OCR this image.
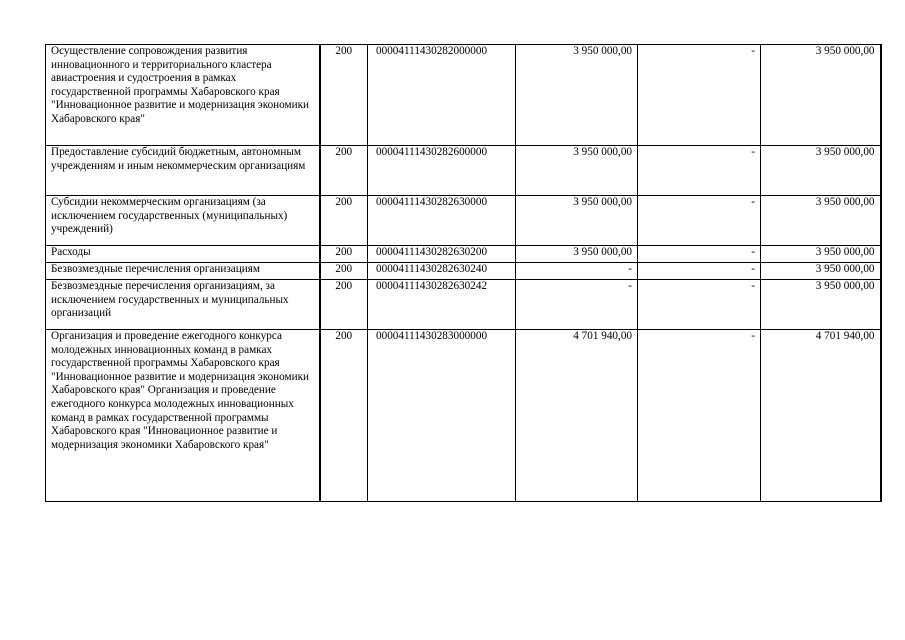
Осуществление сопровождения развития инновационного и территориального кластера авиастроения и судостроения в рамках государственной программы Хабаровского края "Инновационное развитие и модернизация экономики Хабаровского края"	200	00004111430282000000	3 950 000,00	-	3 950 000,00
Предоставление субсидий бюджетным, автономным учреждениям и иным некоммерческим организациям	200	00004111430282600000	3 950 000,00	-	3 950 000,00
Субсидии некоммерческим организациям (за исключением государственных (муниципальных) учреждений)	200	00004111430282630000	3 950 000,00	-	3 950 000,00
Расходы	200	00004111430282630200	3 950 000,00	-	3 950 000,00
Безвозмездные перечисления организациям	200	00004111430282630240	-	-	3 950 000,00
Безвозмездные перечисления организациям, за исключением государственных и муниципальных организаций	200	00004111430282630242	-	-	3 950 000,00
Организация и проведение ежегодного конкурса молодежных инновационных команд в рамках государственной программы Хабаровского края "Инновационное развитие и модернизация экономики Хабаровского края" Организация и проведение ежегодного конкурса молодежных инновационных команд в рамках государственной программы Хабаровского края "Инновационное развитие и модернизация экономики Хабаровского края"	200	00004111430283000000	4 701 940,00	-	4 701 940,00
